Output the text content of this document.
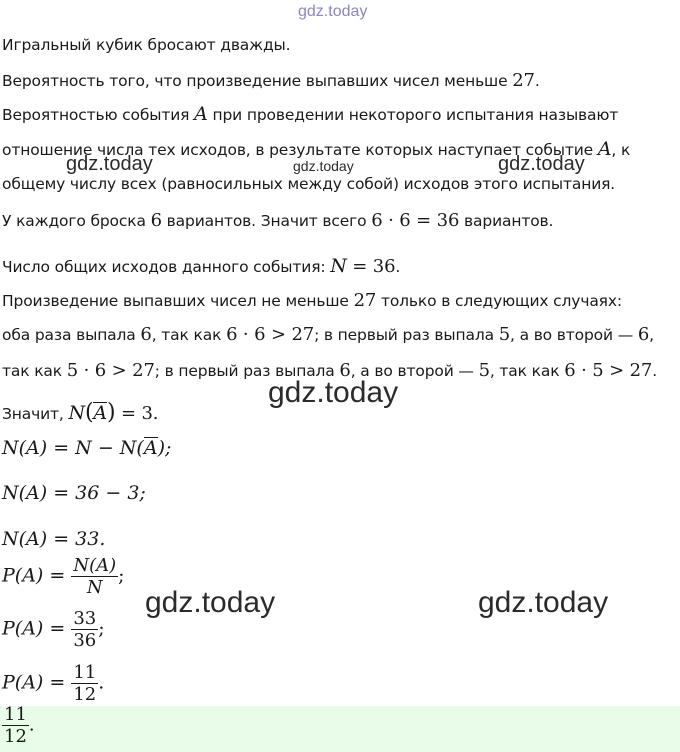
gdz.today
Игральный кубик бросают дважды.
Вероятность того, что произведение выпавших чисел меньше 27.
Вероятностью события A при проведении некоторого испытания называют
отношение числа тех исходов, в результате которых наступает событие A, к
gdz.today	gdz.today	gdz.today
общему числу всех (равносильных между собой) исходов этого испытания.
У каждого броска 6 вариантов. Значит всего 6 · 6 = 36 вариантов.
Число общих исходов данного события: N = 36.
Произведение выпавших чисел не меньше 27 только в следующих случаях:
оба раза выпала 6, так как 6 · 6 > 27; в первый раз выпала 5, а во второй — 6,
так как 5 · 6 > 27; в первый раз выпала 6, а во второй — 5, так как 6 · 5 > 27.
gdz.today
Значит, N(A) = 3.
N(A) = N − N(A);
N(A) = 36 − 3;
N(A) = 33.
$P(A) = \frac{N(A)}{N}$ ;
gdz.today	gdz.today
$P(A) = \frac{33}{36}$ ;
$P(A) = \frac{11}{12}$ .
$\frac{11}{12}$ .
